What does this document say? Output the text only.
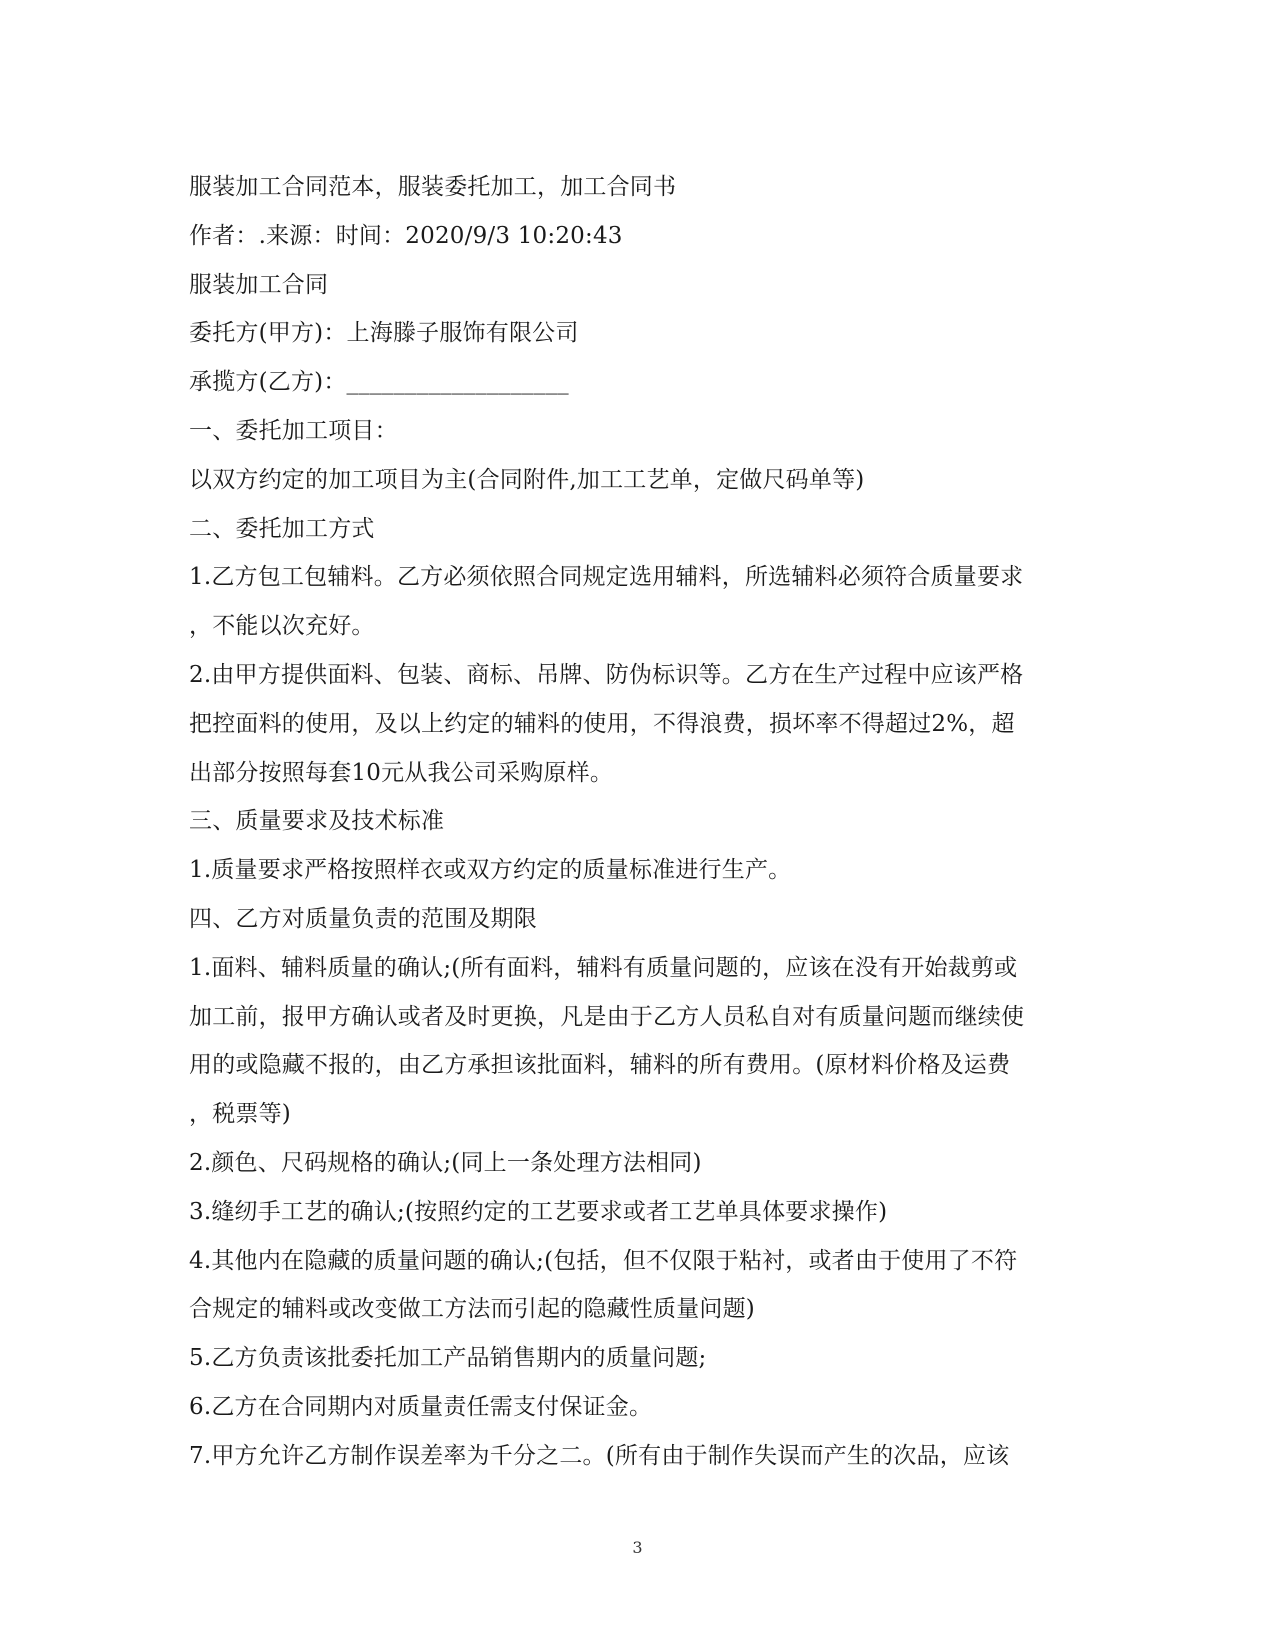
服装加工合同范本，服装委托加工，加工合同书
作者：.来源：时间：2020/9/3 10:20:43
服装加工合同
委托方(甲方)：上海滕子服饰有限公司
承揽方(乙方)：___________________
一、委托加工项目：
以双方约定的加工项目为主(合同附件,加工工艺单，定做尺码单等)
二、委托加工方式
1.乙方包工包辅料。乙方必须依照合同规定选用辅料，所选辅料必须符合质量要求
，不能以次充好。
2.由甲方提供面料、包装、商标、吊牌、防伪标识等。乙方在生产过程中应该严格
把控面料的使用，及以上约定的辅料的使用，不得浪费，损坏率不得超过2%，超
出部分按照每套10元从我公司采购原样。
三、质量要求及技术标准
1.质量要求严格按照样衣或双方约定的质量标准进行生产。
四、乙方对质量负责的范围及期限
1.面料、辅料质量的确认;(所有面料，辅料有质量问题的，应该在没有开始裁剪或
加工前，报甲方确认或者及时更换，凡是由于乙方人员私自对有质量问题而继续使
用的或隐藏不报的，由乙方承担该批面料，辅料的所有费用。(原材料价格及运费
，税票等)
2.颜色、尺码规格的确认;(同上一条处理方法相同)
3.缝纫手工艺的确认;(按照约定的工艺要求或者工艺单具体要求操作)
4.其他内在隐藏的质量问题的确认;(包括，但不仅限于粘衬，或者由于使用了不符
合规定的辅料或改变做工方法而引起的隐藏性质量问题)
5.乙方负责该批委托加工产品销售期内的质量问题;
6.乙方在合同期内对质量责任需支付保证金。
7.甲方允许乙方制作误差率为千分之二。(所有由于制作失误而产生的次品，应该
3
